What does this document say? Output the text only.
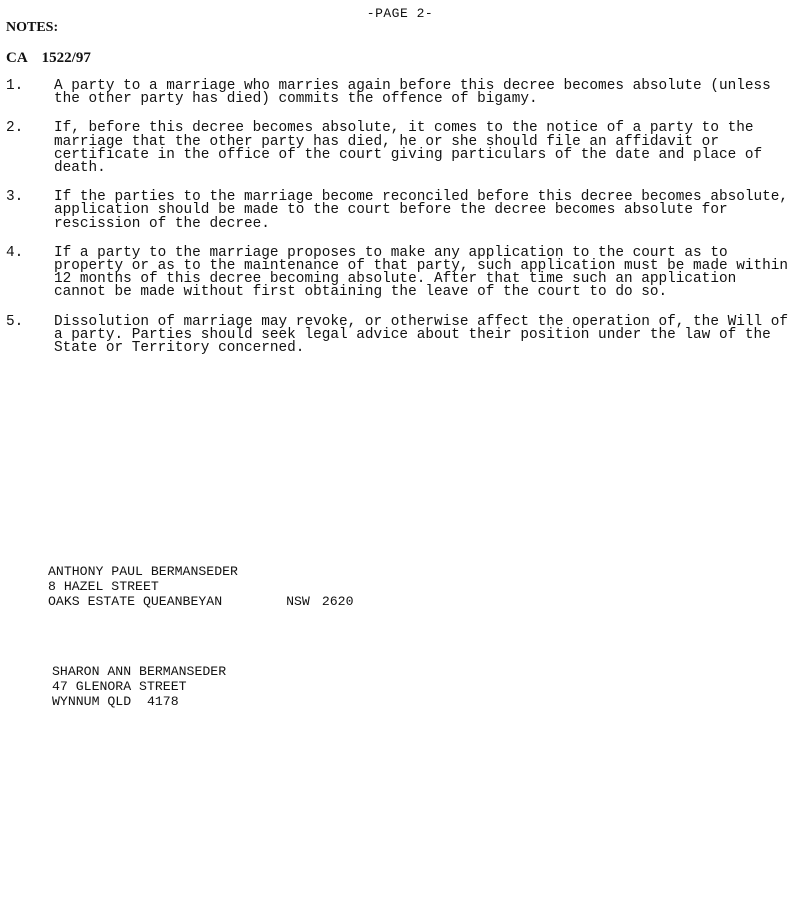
-PAGE 2-
NOTES:
CA 1522/97
1.	A party to a marriage who marries again before this decree becomes absolute (unless the other party has died) commits the offence of bigamy.
2.	If, before this decree becomes absolute, it comes to the notice of a party to the marriage that the other party has died, he or she should file an affidavit or certificate in the office of the court giving particulars of the date and place of death.
3.	If the parties to the marriage become reconciled before this decree becomes absolute, application should be made to the court before the decree becomes absolute for rescission of the decree.
4.	If a party to the marriage proposes to make any application to the court as to property or as to the maintenance of that party, such application must be made within 12 months of this decree becoming absolute. After that time such an application cannot be made without first obtaining the leave of the court to do so.
5.	Dissolution of marriage may revoke, or otherwise affect the operation of, the Will of a party. Parties should seek legal advice about their position under the law of the State or Territory concerned.
ANTHONY PAUL BERMANSEDER
8 HAZEL STREET
OAKS ESTATE QUEANBEYAN	NSW 2620
SHARON ANN BERMANSEDER
47 GLENORA STREET
WYNNUM QLD  4178
